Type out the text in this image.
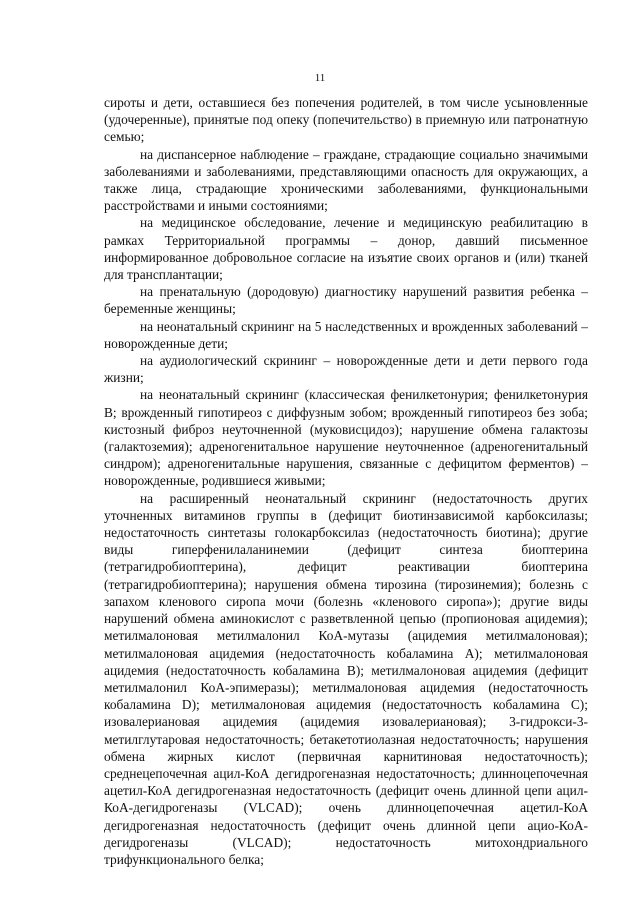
11

сироты и дети, оставшиеся без попечения родителей, в том числе усыновленные (удочеренные), принятые под опеку (попечительство) в приемную или патронатную семью;

на диспансерное наблюдение – граждане, страдающие социально значимыми заболеваниями и заболеваниями, представляющими опасность для окружающих, а также лица, страдающие хроническими заболеваниями, функциональными расстройствами и иными состояниями;

на медицинское обследование, лечение и медицинскую реабилитацию в рамках Территориальной программы – донор, давший письменное информированное добровольное согласие на изъятие своих органов и (или) тканей для трансплантации;

на пренатальную (дородовую) диагностику нарушений развития ребенка – беременные женщины;

на неонатальный скрининг на 5 наследственных и врожденных заболеваний – новорожденные дети;

на аудиологический скрининг – новорожденные дети и дети первого года жизни;

на неонатальный скрининг (классическая фенилкетонурия; фенилкетонурия В; врожденный гипотиреоз с диффузным зобом; врожденный гипотиреоз без зоба; кистозный фиброз неуточненной (муковисцидоз); нарушение обмена галактозы (галактоземия); адреногенитальное нарушение неуточненное (адреногенитальный синдром); адреногенитальные нарушения, связанные с дефицитом ферментов) – новорожденные, родившиеся живыми;

на расширенный неонатальный скрининг (недостаточность других уточненных витаминов группы в (дефицит биотинзависимой карбоксилазы; недостаточность синтетазы голокарбоксилаз (недостаточность биотина); другие виды гиперфенилаланинемии (дефицит синтеза биоптерина (тетрагидробиоптерина), дефицит реактивации биоптерина (тетрагидробиоптерина); нарушения обмена тирозина (тирозинемия); болезнь с запахом кленового сиропа мочи (болезнь «кленового сиропа»); другие виды нарушений обмена аминокислот с разветвленной цепью (пропионовая ацидемия); метилмалоновая метилмалонил КоА-мутазы (ацидемия метилмалоновая); метилмалоновая ацидемия (недостаточность кобаламина А); метилмалоновая ацидемия (недостаточность кобаламина В); метилмалоновая ацидемия (дефицит метилмалонил КоА-эпимеразы); метилмалоновая ацидемия (недостаточность кобаламина D); метилмалоновая ацидемия (недостаточность кобаламина С); изовалериановая ацидемия (ацидемия изовалериановая); 3-гидрокси-3-метилглутаровая недостаточность; бетакетотиолазная недостаточность; нарушения обмена жирных кислот (первичная карнитиновая недостаточность); среднецепочечная ацил-КоА дегидрогеназная недостаточность; длинноцепочечная ацетил-КоА дегидрогеназная недостаточность (дефицит очень длинной цепи ацил-КоА-дегидрогеназы (VLCAD); очень длинноцепочечная ацетил-КоА дегидрогеназная недостаточность (дефицит очень длинной цепи ацио-КоА-дегидрогеназы (VLCAD); недостаточность митохондриального трифункционального белка;
